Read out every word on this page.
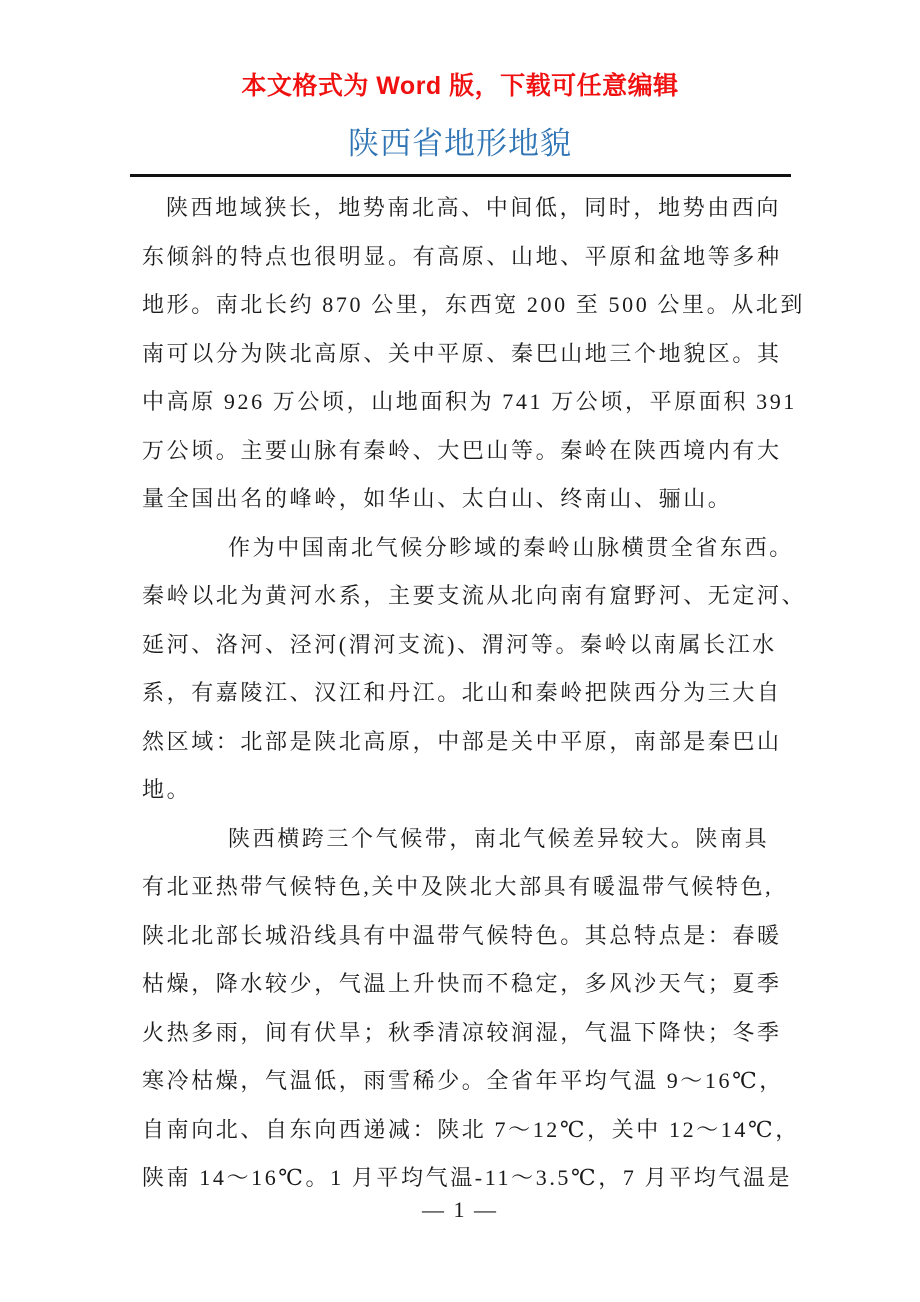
本文格式为 Word 版，下载可任意编辑
陕西省地形地貌
陕西地域狭长，地势南北高、中间低，同时，地势由西向
东倾斜的特点也很明显。有高原、山地、平原和盆地等多种
地形。南北长约 870 公里，东西宽 200 至 500 公里。从北到
南可以分为陕北高原、关中平原、秦巴山地三个地貌区。其
中高原 926 万公顷，山地面积为 741 万公顷，平原面积 391
万公顷。主要山脉有秦岭、大巴山等。秦岭在陕西境内有大
量全国出名的峰岭，如华山、太白山、终南山、骊山。
作为中国南北气候分畛域的秦岭山脉横贯全省东西。
秦岭以北为黄河水系，主要支流从北向南有窟野河、无定河、
延河、洛河、泾河(渭河支流)、渭河等。秦岭以南属长江水
系，有嘉陵江、汉江和丹江。北山和秦岭把陕西分为三大自
然区域：北部是陕北高原，中部是关中平原，南部是秦巴山
地。
陕西横跨三个气候带，南北气候差异较大。陕南具
有北亚热带气候特色,关中及陕北大部具有暖温带气候特色,
陕北北部长城沿线具有中温带气候特色。其总特点是：春暖
枯燥，降水较少，气温上升快而不稳定，多风沙天气；夏季
火热多雨，间有伏旱；秋季清凉较润湿，气温下降快；冬季
寒冷枯燥，气温低，雨雪稀少。全省年平均气温 9～16℃，
自南向北、自东向西递减：陕北 7～12℃，关中 12～14℃，
陕南 14～16℃。1 月平均气温-11～3.5℃，7 月平均气温是
— 1 —
